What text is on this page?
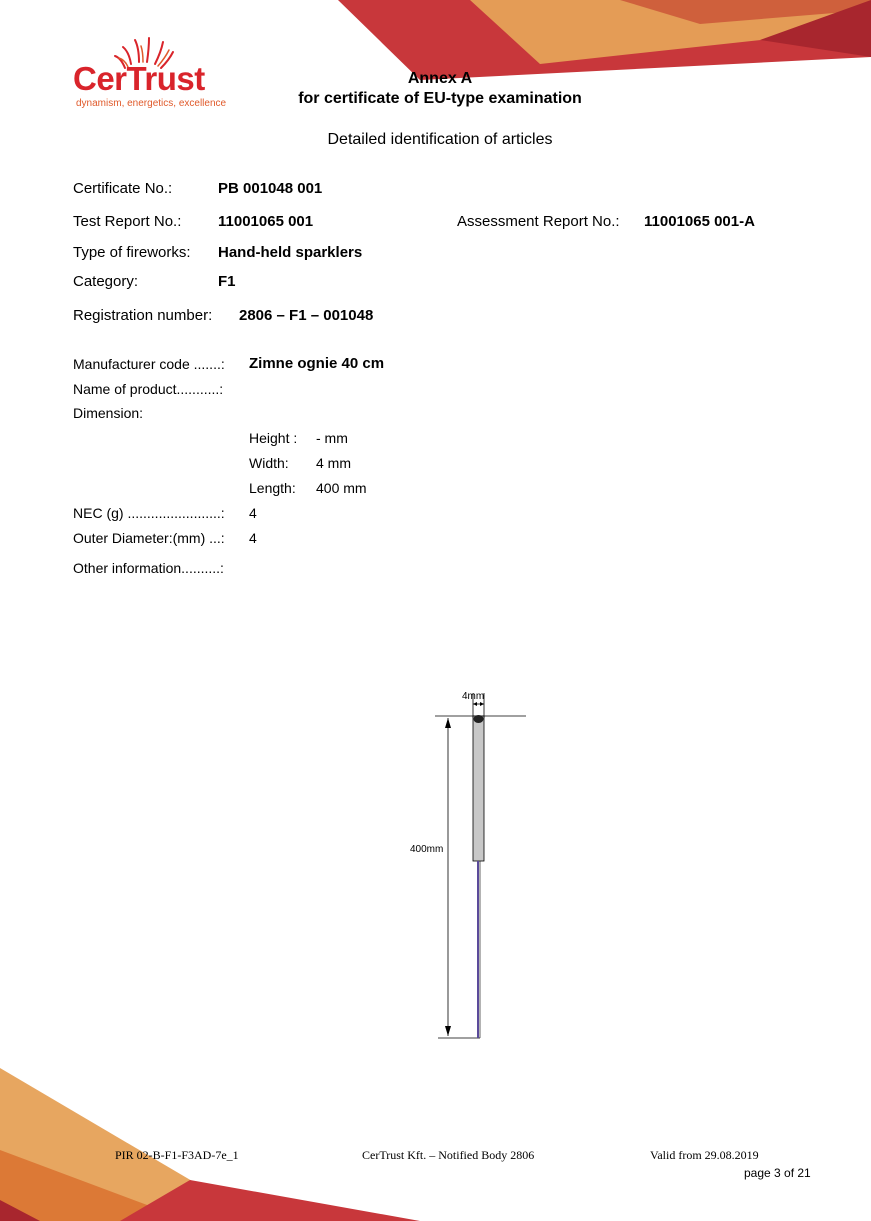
CerTrust
dynamism, energetics, excellence
Annex A
for certificate of EU-type examination
Detailed identification of articles
Certificate No.:	PB 001048 001
Test Report No.: 11001065 001	Assessment Report No.: 11001065 001-A
Type of fireworks: Hand-held sparklers
Category:	F1
Registration number: 2806 – F1 – 001048
Manufacturer code .......: Zimne ognie 40 cm
Name of product...........:
Dimension:
Height : - mm
Width: 4 mm
Length: 400 mm
NEC (g) ........................: 4
Outer Diameter:(mm) ...: 4
Other information..........:
4mm
400mm
PIR 02-B-F1-F3AD-7e_1	CerTrust Kft. – Notified Body 2806	Valid from 29.08.2019
page 3 of 21
